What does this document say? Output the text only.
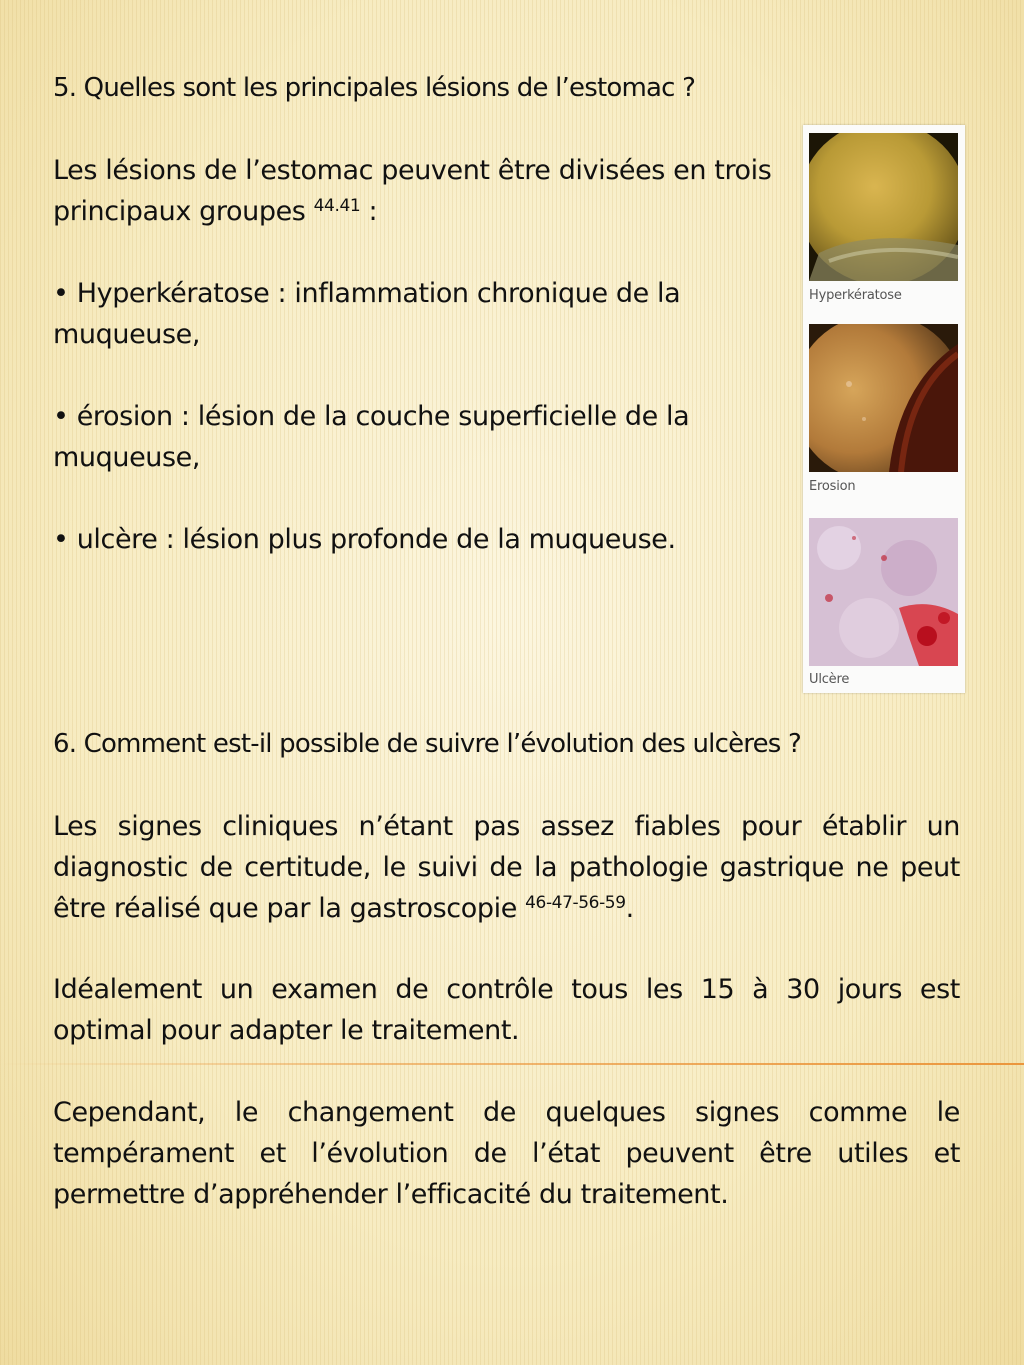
5. Quelles sont les principales lésions de l’estomac ?

Les lésions de l’estomac peuvent être divisées en trois principaux groupes $^{44.41}$ :

• Hyperkératose : inflammation chronique de la muqueuse,

• érosion : lésion de la couche superficielle de la muqueuse,

• ulcère : lésion plus profonde de la muqueuse.

Hyperkératose
Erosion
Ulcère

6. Comment est-il possible de suivre l’évolution des ulcères ?

Les signes cliniques n’étant pas assez fiables pour établir un diagnostic de certitude, le suivi de la pathologie gastrique ne peut être réalisé que par la gastroscopie $^{46-47-56-59}$.

Idéalement un examen de contrôle tous les 15 à 30 jours est optimal pour adapter le traitement.

Cependant, le changement de quelques signes comme le tempérament et l’évolution de l’état peuvent être utiles et permettre d’appréhender l’efficacité du traitement.
